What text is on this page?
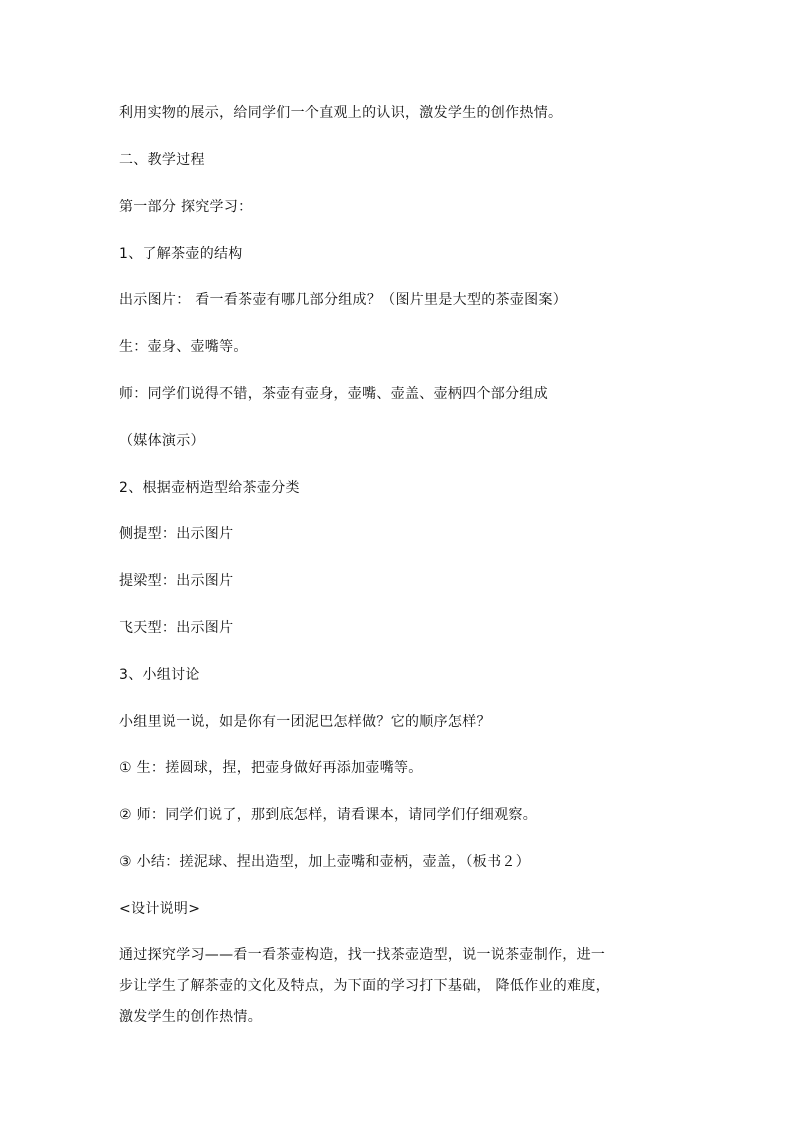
利用实物的展示，给同学们一个直观上的认识，激发学生的创作热情。
二、教学过程
第一部分 探究学习：
1、了解茶壶的结构
出示图片： 看一看茶壶有哪几部分组成？（图片里是大型的茶壶图案）
生：壶身、壶嘴等。
师：同学们说得不错，茶壶有壶身，壶嘴、壶盖、壶柄四个部分组成
（媒体演示）
2、根据壶柄造型给茶壶分类
侧提型：出示图片
提梁型：出示图片
飞天型：出示图片
3、小组讨论
小组里说一说，如是你有一团泥巴怎样做？它的顺序怎样？
① 生：搓圆球，捏，把壶身做好再添加壶嘴等。
② 师：同学们说了，那到底怎样，请看课本，请同学们仔细观察。
③ 小结：搓泥球、捏出造型，加上壶嘴和壶柄，壶盖，（板书２）
<设计说明>
通过探究学习——看一看茶壶构造，找一找茶壶造型，说一说茶壶制作，进一
步让学生了解茶壶的文化及特点，为下面的学习打下基础， 降低作业的难度，
激发学生的创作热情。
